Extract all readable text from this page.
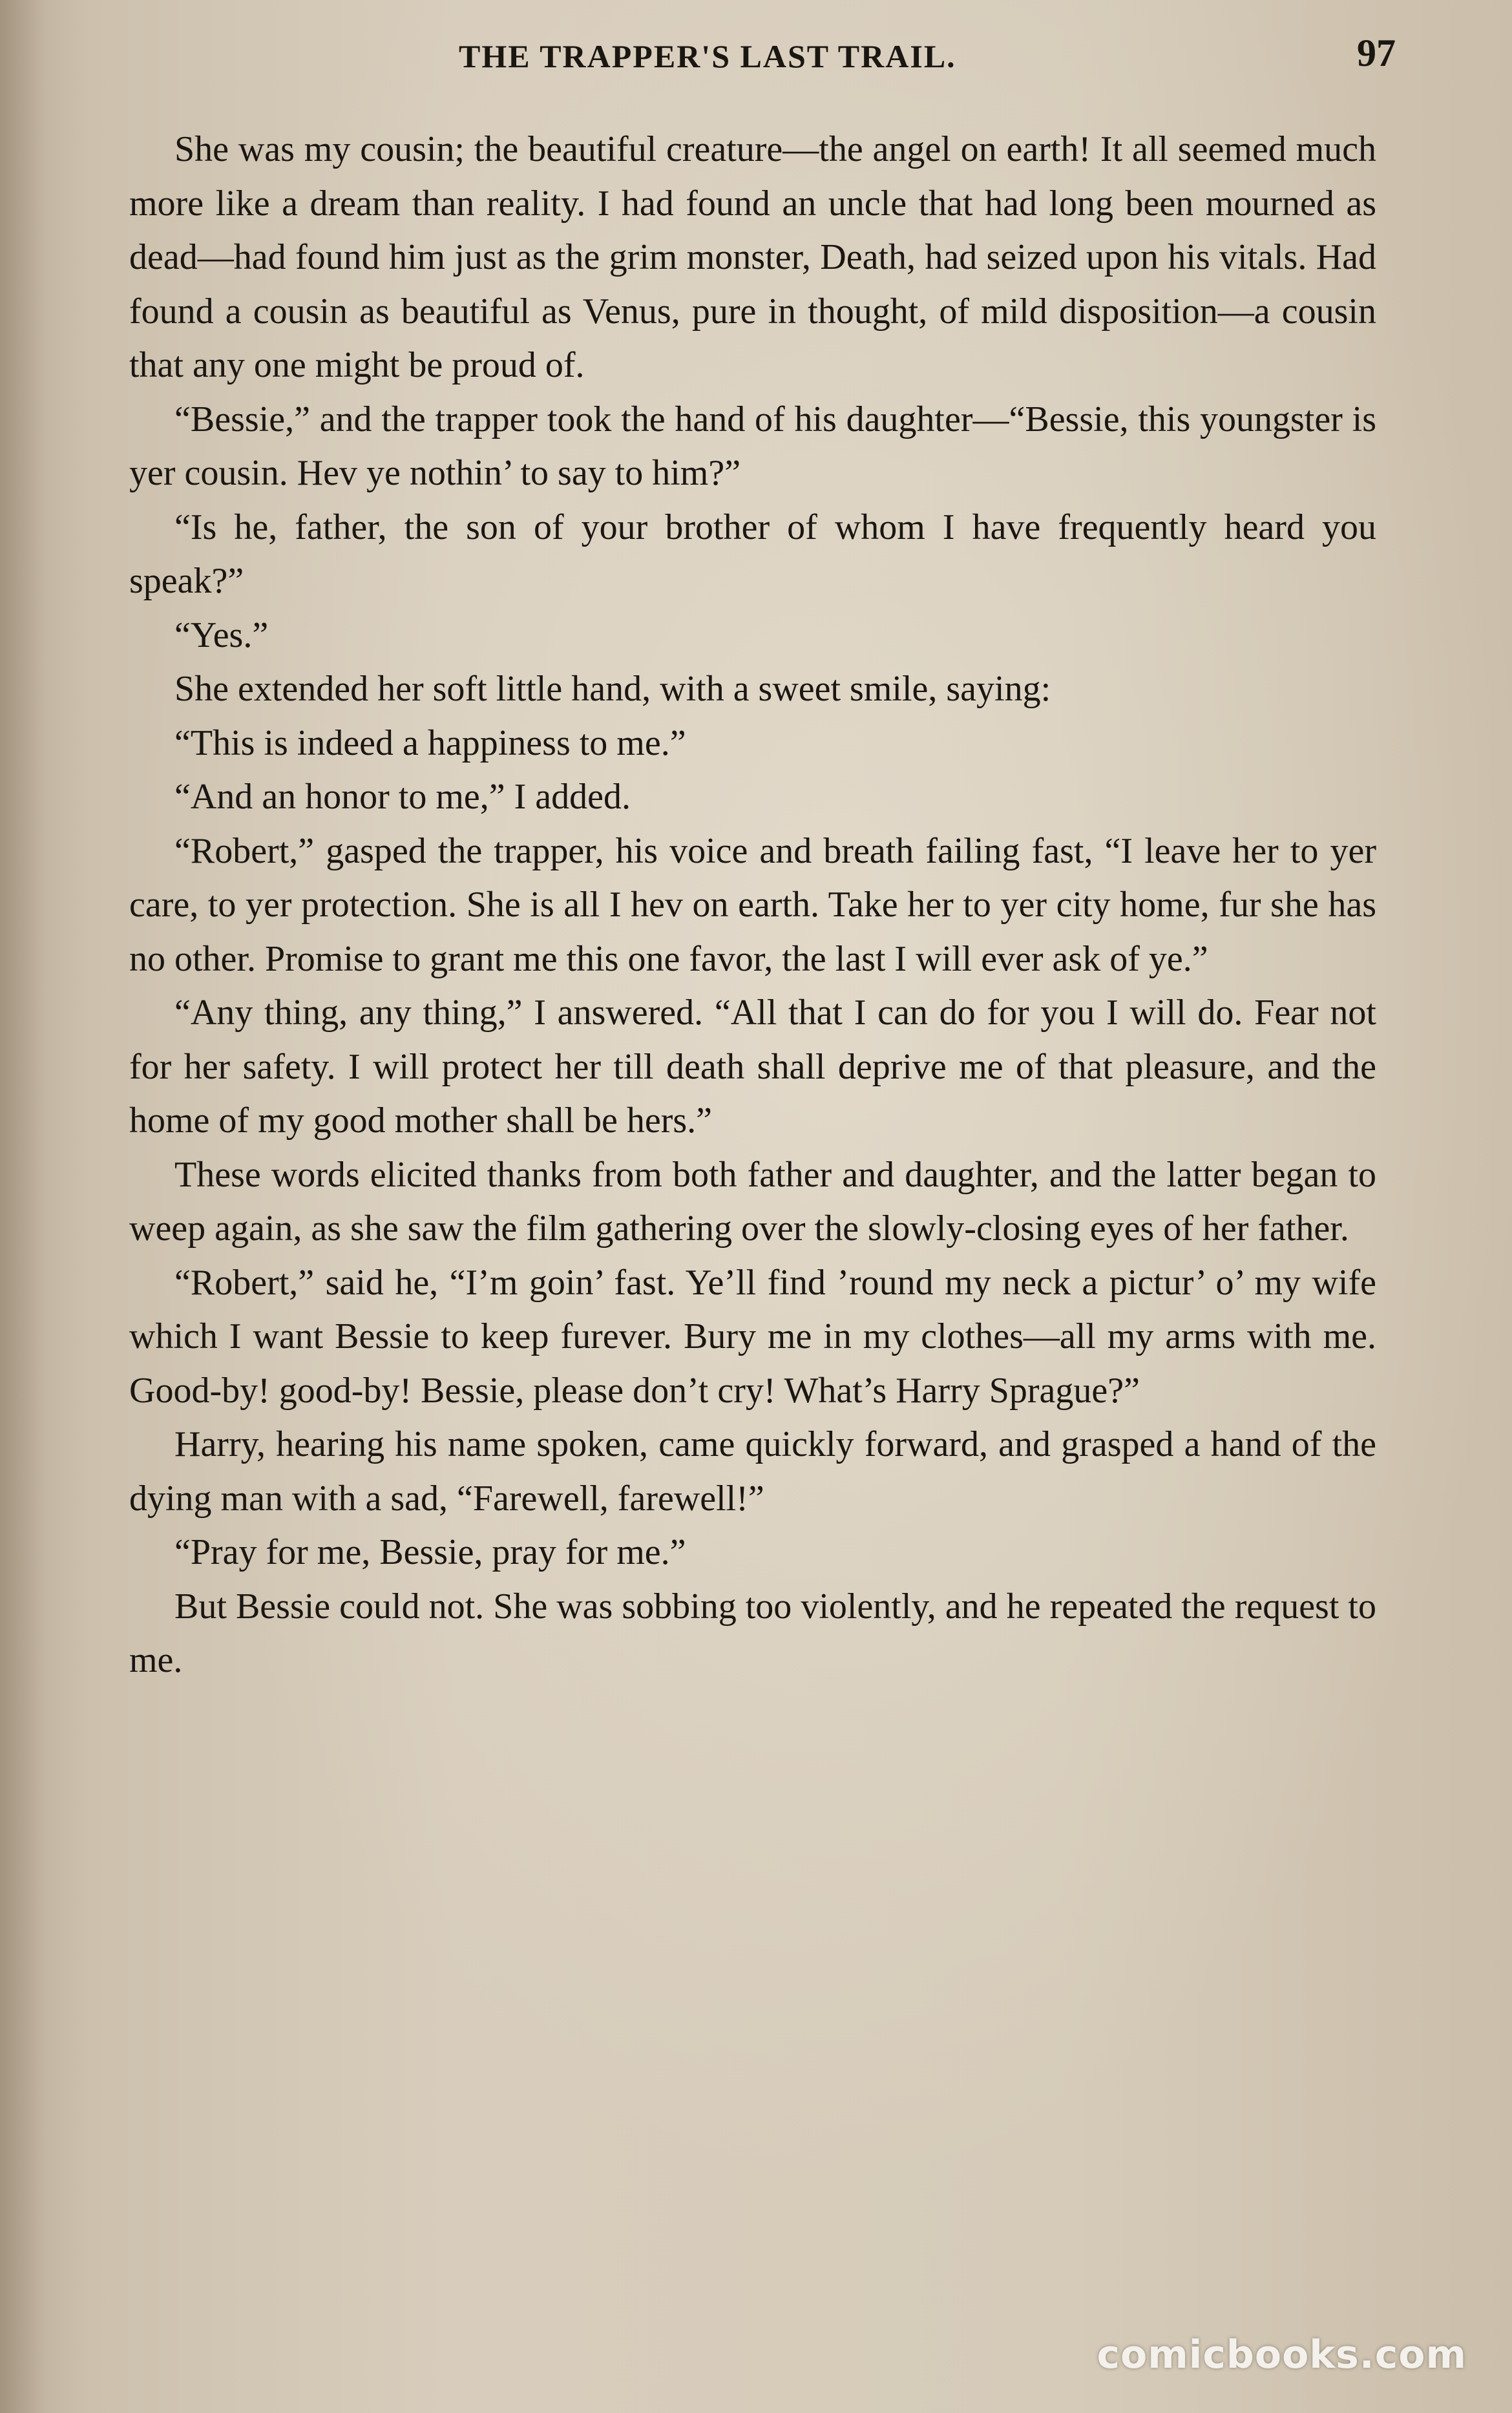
THE TRAPPER'S LAST TRAIL.	97

She was my cousin; the beautiful creature—the angel on earth! It all seemed much more like a dream than reality. I had found an uncle that had long been mourned as dead—had found him just as the grim monster, Death, had seized upon his vitals. Had found a cousin as beautiful as Venus, pure in thought, of mild disposition—a cousin that any one might be proud of.

“Bessie,” and the trapper took the hand of his daughter—“Bessie, this youngster is yer cousin. Hev ye nothin’ to say to him?”

“Is he, father, the son of your brother of whom I have frequently heard you speak?”

“Yes.”

She extended her soft little hand, with a sweet smile, saying:

“This is indeed a happiness to me.”

“And an honor to me,” I added.

“Robert,” gasped the trapper, his voice and breath failing fast, “I leave her to yer care, to yer protection. She is all I hev on earth. Take her to yer city home, fur she has no other. Promise to grant me this one favor, the last I will ever ask of ye.”

“Any thing, any thing,” I answered. “All that I can do for you I will do. Fear not for her safety. I will protect her till death shall deprive me of that pleasure, and the home of my good mother shall be hers.”

These words elicited thanks from both father and daughter, and the latter began to weep again, as she saw the film gathering over the slowly-closing eyes of her father.

“Robert,” said he, “I’m goin’ fast. Ye’ll find ’round my neck a pictur’ o’ my wife which I want Bessie to keep furever. Bury me in my clothes—all my arms with me. Good-by! good-by! Bessie, please don’t cry! What’s Harry Sprague?”

Harry, hearing his name spoken, came quickly forward, and grasped a hand of the dying man with a sad, “Farewell, farewell!”

“Pray for me, Bessie, pray for me.”

But Bessie could not. She was sobbing too violently, and he repeated the request to me.

comicbooks.com
